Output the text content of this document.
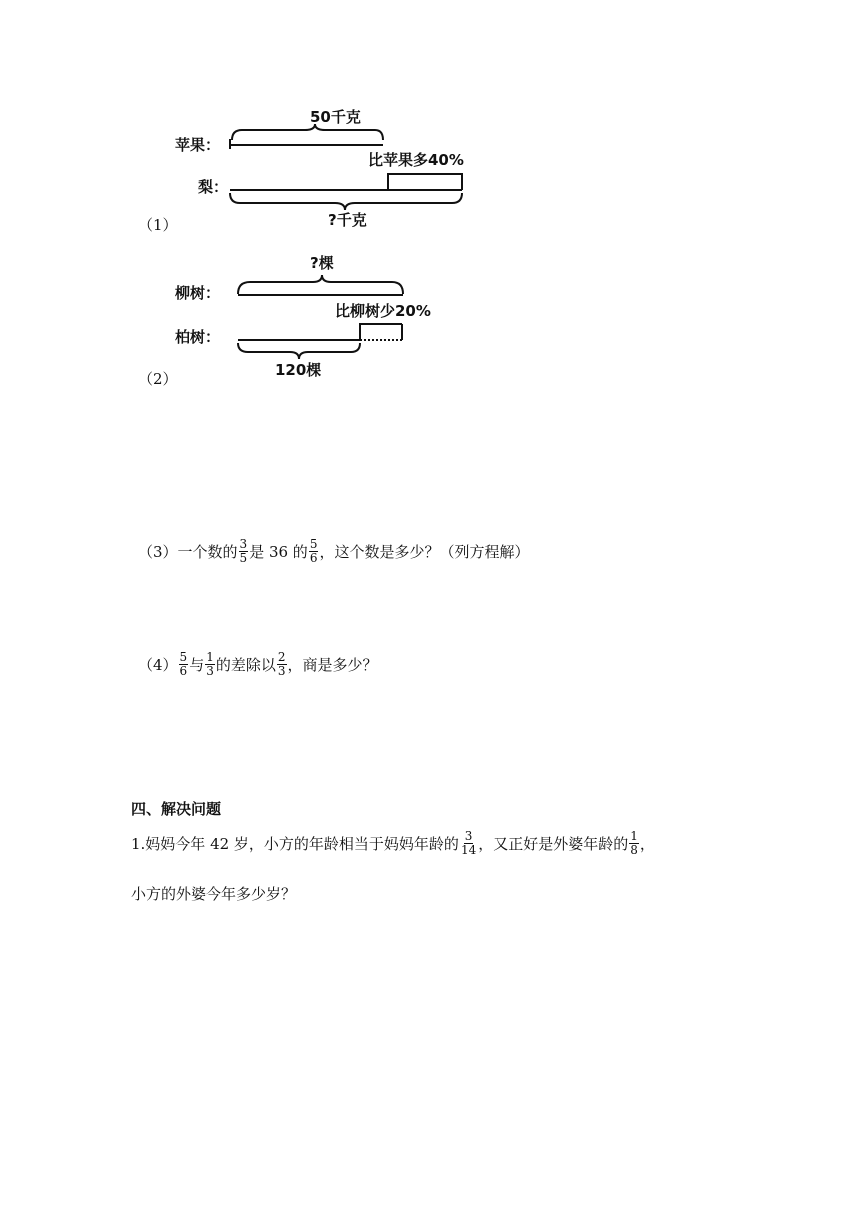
50千克
苹果：
比苹果多40%
梨：
?千克
（1）
?棵
柳树：
比柳树少20%
柏树：
120棵
（2）
（3）一个数的 $\frac{3}{5}$ 是 36 的 $\frac{5}{6}$ ，这个数是多少？（列方程解）
$(4) \frac{5}{6}$ 与 $\frac{1}{3}$ 的差除以 $\frac{2}{3}$ ，商是多少？
四、解决问题
1.妈妈今年 42 岁，小方的年龄相当于妈妈年龄的 $\frac{3}{14}$ ，又正好是外婆年龄的 $\frac{1}{8}$ ，
小方的外婆今年多少岁？
